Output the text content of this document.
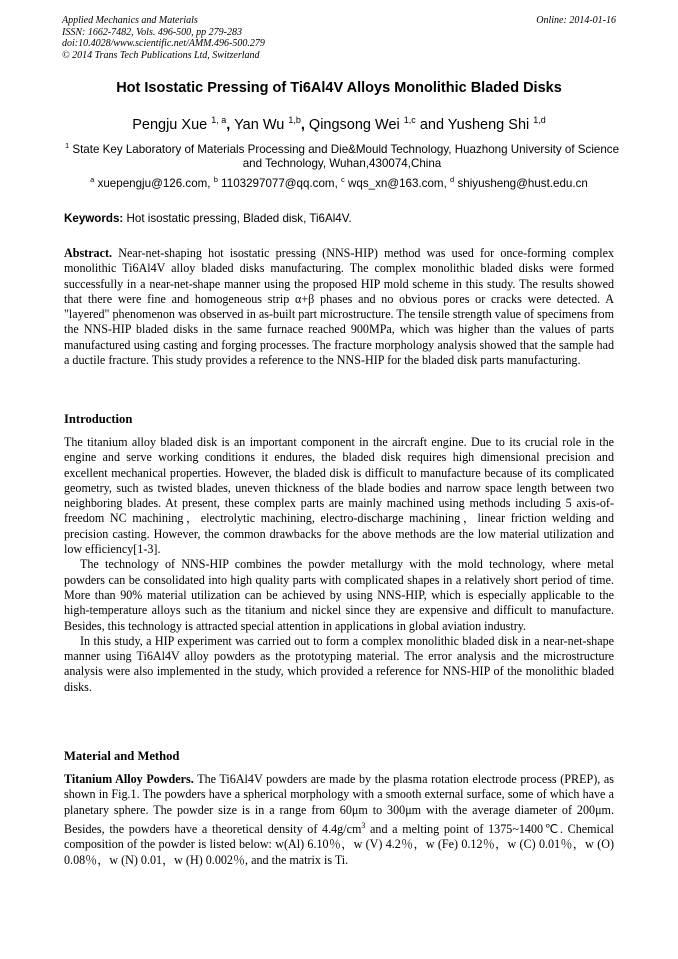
Applied Mechanics and Materials
ISSN: 1662-7482, Vols. 496-500, pp 279-283
doi:10.4028/www.scientific.net/AMM.496-500.279
© 2014 Trans Tech Publications Ltd, Switzerland
Online: 2014-01-16
Hot Isostatic Pressing of Ti6Al4V Alloys Monolithic Bladed Disks
Pengju Xue $^{1, a}$, Yan Wu $^{1,b}$, Qingsong Wei $^{1,c}$ and Yusheng Shi $^{1,d}$
$^1$ State Key Laboratory of Materials Processing and Die&Mould Technology, Huazhong University of Science and Technology, Wuhan,430074,China
$^a$ xuepengju@126.com, $^b$ 1103297077@qq.com, $^c$ wqs_xn@163.com, $^d$ shiyusheng@hust.edu.cn
Keywords: Hot isostatic pressing, Bladed disk, Ti6Al4V.

Abstract. Near-net-shaping hot isostatic pressing (NNS-HIP) method was used for once-forming complex monolithic Ti6Al4V alloy bladed disks manufacturing. The complex monolithic bladed disks were formed successfully in a near-net-shape manner using the proposed HIP mold scheme in this study. The results showed that there were fine and homogeneous strip α+β phases and no obvious pores or cracks were detected. A "layered" phenomenon was observed in as-built part microstructure. The tensile strength value of specimens from the NNS-HIP bladed disks in the same furnace reached 900MPa, which was higher than the values of parts manufactured using casting and forging processes. The fracture morphology analysis showed that the sample had a ductile fracture. This study provides a reference to the NNS-HIP for the bladed disk parts manufacturing.

Introduction

The titanium alloy bladed disk is an important component in the aircraft engine. Due to its crucial role in the engine and serve working conditions it endures, the bladed disk requires high dimensional precision and excellent mechanical properties. However, the bladed disk is difficult to manufacture because of its complicated geometry, such as twisted blades, uneven thickness of the blade bodies and narrow space length between two neighboring blades. At present, these complex parts are mainly machined using methods including 5 axis-of-freedom NC machining，electrolytic machining, electro-discharge machining，linear friction welding and precision casting. However, the common drawbacks for the above methods are the low material utilization and low efficiency[1-3].

The technology of NNS-HIP combines the powder metallurgy with the mold technology, where metal powders can be consolidated into high quality parts with complicated shapes in a relatively short period of time. More than 90% material utilization can be achieved by using NNS-HIP, which is especially applicable to the high-temperature alloys such as the titanium and nickel since they are expensive and difficult to manufacture. Besides, this technology is attracted special attention in applications in global aviation industry.

In this study, a HIP experiment was carried out to form a complex monolithic bladed disk in a near-net-shape manner using Ti6Al4V alloy powders as the prototyping material. The error analysis and the microstructure analysis were also implemented in the study, which provided a reference for NNS-HIP of the monolithic bladed disks.

Material and Method

Titanium Alloy Powders. The Ti6Al4V powders are made by the plasma rotation electrode process (PREP), as shown in Fig.1. The powders have a spherical morphology with a smooth external surface, some of which have a planetary sphere. The powder size is in a range from 60μm to 300μm with the average diameter of 200μm. Besides, the powders have a theoretical density of $4.4g/cm^3$ and a melting point of 1375~1400℃. Chemical composition of the powder is listed below: w(Al) 6.10％，w (V) 4.2％，w (Fe) 0.12％，w (C) 0.01％，w (O) 0.08％，w (N) 0.01，w (H) 0.002％, and the matrix is Ti.
